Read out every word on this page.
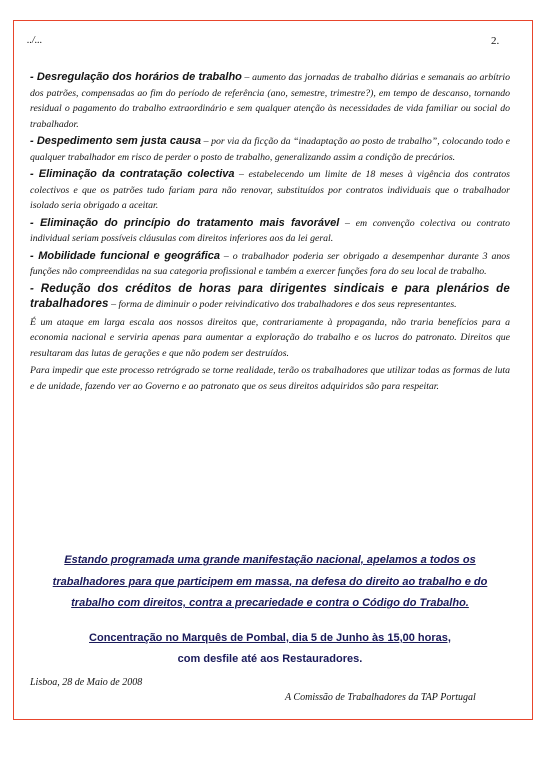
../...	2.

- Desregulação dos horários de trabalho – aumento das jornadas de trabalho diárias e semanais ao arbítrio dos patrões, compensadas ao fim do período de referência (ano, semestre, trimestre?), em tempo de descanso, tornando residual o pagamento do trabalho extraordinário e sem qualquer atenção às necessidades de vida familiar ou social do trabalhador.

- Despedimento sem justa causa – por via da ficção da “inadaptação ao posto de trabalho”, colocando todo e qualquer trabalhador em risco de perder o posto de trabalho, generalizando assim a condição de precários.

- Eliminação da contratação colectiva – estabelecendo um limite de 18 meses à vigência dos contratos colectivos e que os patrões tudo fariam para não renovar, substituídos por contratos individuais que o trabalhador isolado seria obrigado a aceitar.

- Eliminação do princípio do tratamento mais favorável – em convenção colectiva ou contrato individual seriam possíveis cláusulas com direitos inferiores aos da lei geral.

- Mobilidade funcional e geográfica – o trabalhador poderia ser obrigado a desempenhar durante 3 anos funções não compreendidas na sua categoria profissional e também a exercer funções fora do seu local de trabalho.

- Redução dos créditos de horas para dirigentes sindicais e para plenários de trabalhadores – forma de diminuir o poder reivindicativo dos trabalhadores e dos seus representantes.

É um ataque em larga escala aos nossos direitos que, contrariamente à propaganda, não traria benefícios para a economia nacional e serviria apenas para aumentar a exploração do trabalho e os lucros do patronato. Direitos que resultaram das lutas de gerações e que não podem ser destruídos.

Para impedir que este processo retrógrado se torne realidade, terão os trabalhadores que utilizar todas as formas de luta e de unidade, fazendo ver ao Governo e ao patronato que os seus direitos adquiridos são para respeitar.

Estando programada uma grande manifestação nacional, apelamos a todos os trabalhadores para que participem em massa, na defesa do direito ao trabalho e do trabalho com direitos, contra a precariedade e contra o Código do Trabalho.
Concentração no Marquês de Pombal, dia 5 de Junho às 15,00 horas,
com desfile até aos Restauradores.
Lisboa, 28 de Maio de 2008
A Comissão de Trabalhadores da TAP Portugal
